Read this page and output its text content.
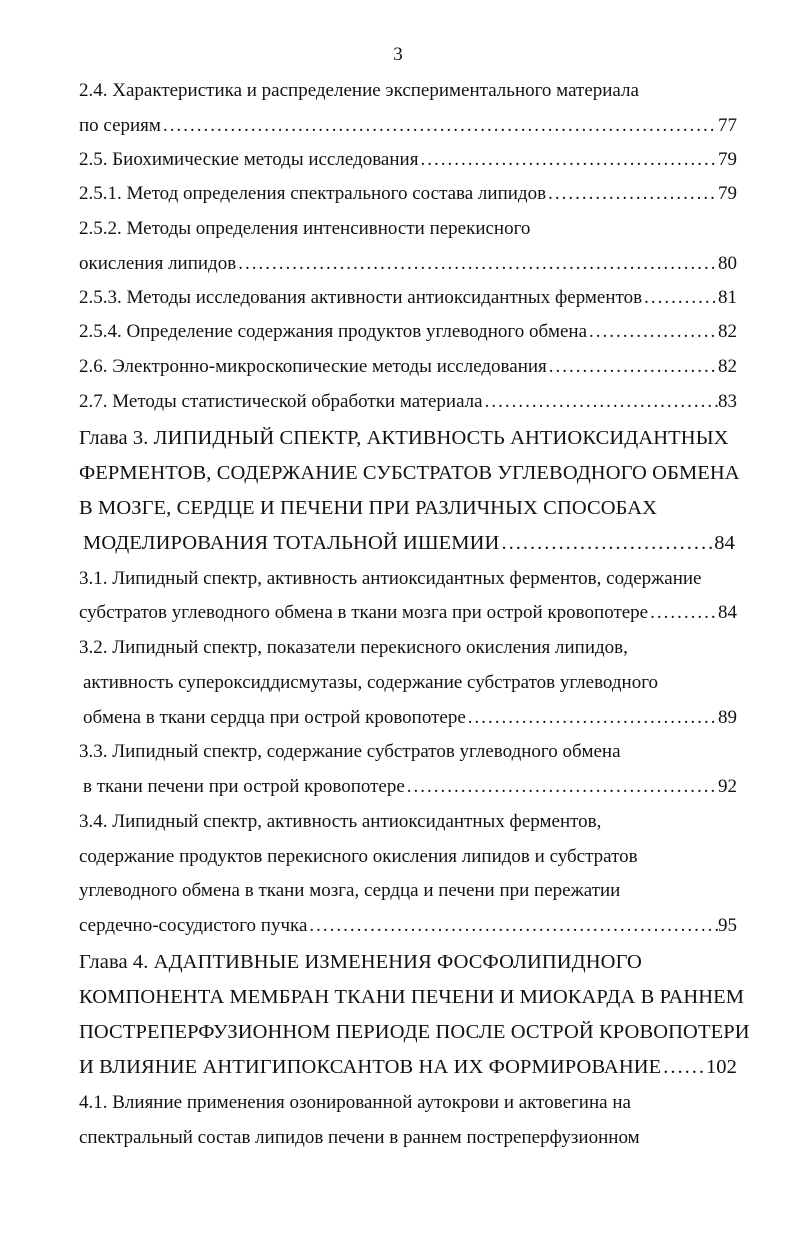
3
2.4. Характеристика и распределение экспериментального материала
по сериям .....	77
2.5. Биохимические методы исследования .....	79
2.5.1. Метод определения спектрального состава липидов .....	79
2.5.2. Методы определения интенсивности перекисного
окисления липидов .....	80
2.5.3. Методы исследования активности антиоксидантных ферментов .....	81
2.5.4. Определение содержания продуктов углеводного обмена .....	82
2.6. Электронно-микроскопические методы исследования .....	82
2.7. Методы статистической обработки материала .....	83
Глава 3. ЛИПИДНЫЙ СПЕКТР, АКТИВНОСТЬ АНТИОКСИДАНТНЫХ
ФЕРМЕНТОВ, СОДЕРЖАНИЕ СУБСТРАТОВ УГЛЕВОДНОГО ОБМЕНА
В МОЗГЕ, СЕРДЦЕ И ПЕЧЕНИ ПРИ РАЗЛИЧНЫХ СПОСОБАХ
МОДЕЛИРОВАНИЯ ТОТАЛЬНОЙ ИШЕМИИ .....	84
3.1. Липидный спектр, активность антиоксидантных ферментов, содержание
субстратов углеводного обмена в ткани мозга при острой кровопотере .....	84
3.2. Липидный спектр, показатели перекисного окисления липидов,
активность супероксиддисмутазы, содержание субстратов углеводного
обмена в ткани сердца при острой кровопотере .....	89
3.3. Липидный спектр, содержание субстратов углеводного обмена
в ткани печени при острой кровопотере .....	92
3.4. Липидный спектр, активность антиоксидантных ферментов,
содержание продуктов перекисного окисления липидов и субстратов
углеводного обмена в ткани мозга, сердца и печени при пережатии
сердечно-сосудистого пучка .....	95
Глава 4. АДАПТИВНЫЕ ИЗМЕНЕНИЯ ФОСФОЛИПИДНОГО
КОМПОНЕНТА МЕМБРАН ТКАНИ ПЕЧЕНИ И МИОКАРДА В РАННЕМ
ПОСТРЕПЕРФУЗИОННОМ ПЕРИОДЕ ПОСЛЕ ОСТРОЙ КРОВОПОТЕРИ
И ВЛИЯНИЕ АНТИГИПОКСАНТОВ НА ИХ ФОРМИРОВАНИЕ ..... 102
4.1. Влияние применения озонированной аутокрови и актовегина на
спектральный состав липидов печени в раннем постреперфузионном
